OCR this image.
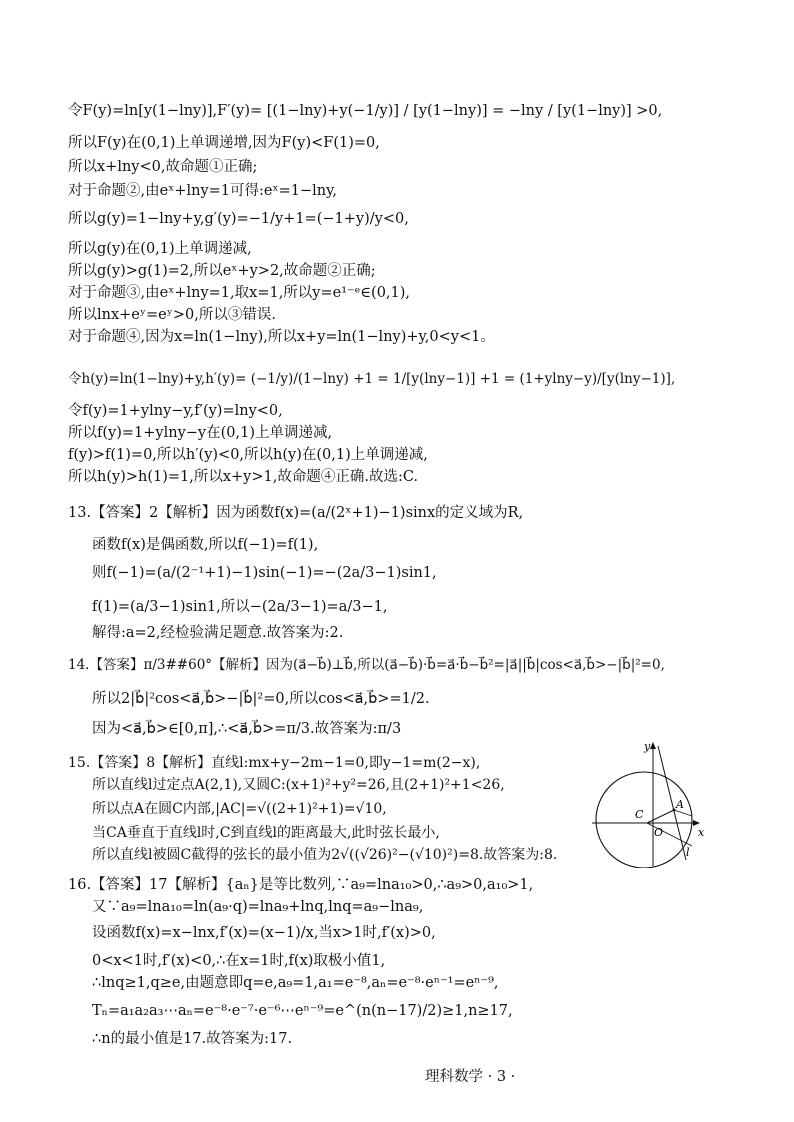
令F(y)=ln[y(1−lny)],F′(y)= [(1−lny)+y(−1/y)] / [y(1−lny)] = −lny / [y(1−lny)] >0,
所以F(y)在(0,1)上单调递增,因为F(y)<F(1)=0,
所以x+lny<0,故命题①正确;
对于命题②,由eˣ+lny=1可得:eˣ=1−lny,
所以g(y)=1−lny+y,g′(y)=−1/y+1=(−1+y)/y<0,
所以g(y)在(0,1)上单调递减,
所以g(y)>g(1)=2,所以eˣ+y>2,故命题②正确;
对于命题③,由eˣ+lny=1,取x=1,所以y=e¹⁻ᵉ∈(0,1),
所以lnx+eʸ=eʸ>0,所以③错误.
对于命题④,因为x=ln(1−lny),所以x+y=ln(1−lny)+y,0<y<1。
令h(y)=ln(1−lny)+y,h′(y)= (−1/y)/(1−lny) +1 = 1/[y(lny−1)] +1 = (1+ylny−y)/[y(lny−1)],
令f(y)=1+ylny−y,f′(y)=lny<0,
所以f(y)=1+ylny−y在(0,1)上单调递减,
f(y)>f(1)=0,所以h′(y)<0,所以h(y)在(0,1)上单调递减,
所以h(y)>h(1)=1,所以x+y>1,故命题④正确.故选:C.
13.【答案】2【解析】因为函数f(x)=(a/(2ˣ+1)−1)sinx的定义域为R,
函数f(x)是偶函数,所以f(−1)=f(1),
则f(−1)=(a/(2⁻¹+1)−1)sin(−1)=−(2a/3−1)sin1,
f(1)=(a/3−1)sin1,所以−(2a/3−1)=a/3−1,
解得:a=2,经检验满足题意.故答案为:2.
14.【答案】π/3##60°【解析】因为(a⃗−b⃗)⊥b⃗,所以(a⃗−b⃗)·b⃗=a⃗·b⃗−b⃗²=|a⃗||b⃗|cos<a⃗,b⃗>−|b⃗|²=0,
所以2|b⃗|²cos<a⃗,b⃗>−|b⃗|²=0,所以cos<a⃗,b⃗>=1/2.
因为<a⃗,b⃗>∈[0,π],∴<a⃗,b⃗>=π/3.故答案为:π/3
15.【答案】8【解析】直线l:mx+y−2m−1=0,即y−1=m(2−x),
所以直线l过定点A(2,1),又圆C:(x+1)²+y²=26,且(2+1)²+1<26,
所以点A在圆C内部,|AC|=√((2+1)²+1)=√10,
当CA垂直于直线l时,C到直线l的距离最大,此时弦长最小,
所以直线l被圆C截得的弦长的最小值为2√((√26)²−(√10)²)=8.故答案为:8.
y
x
C
O
A
l
16.【答案】17【解析】{aₙ}是等比数列,∵a₉=lna₁₀>0,∴a₉>0,a₁₀>1,
又∵a₉=lna₁₀=ln(a₉·q)=lna₉+lnq,lnq=a₉−lna₉,
设函数f(x)=x−lnx,f′(x)=(x−1)/x,当x>1时,f′(x)>0,
0<x<1时,f′(x)<0,∴在x=1时,f(x)取极小值1,
∴lnq≥1,q≥e,由题意即q=e,a₉=1,a₁=e⁻⁸,aₙ=e⁻⁸·eⁿ⁻¹=eⁿ⁻⁹,
Tₙ=a₁a₂a₃⋯aₙ=e⁻⁸·e⁻⁷·e⁻⁶⋯eⁿ⁻⁹=e^(n(n−17)/2)≥1,n≥17,
∴n的最小值是17.故答案为:17.
理科数学 · 3 ·
